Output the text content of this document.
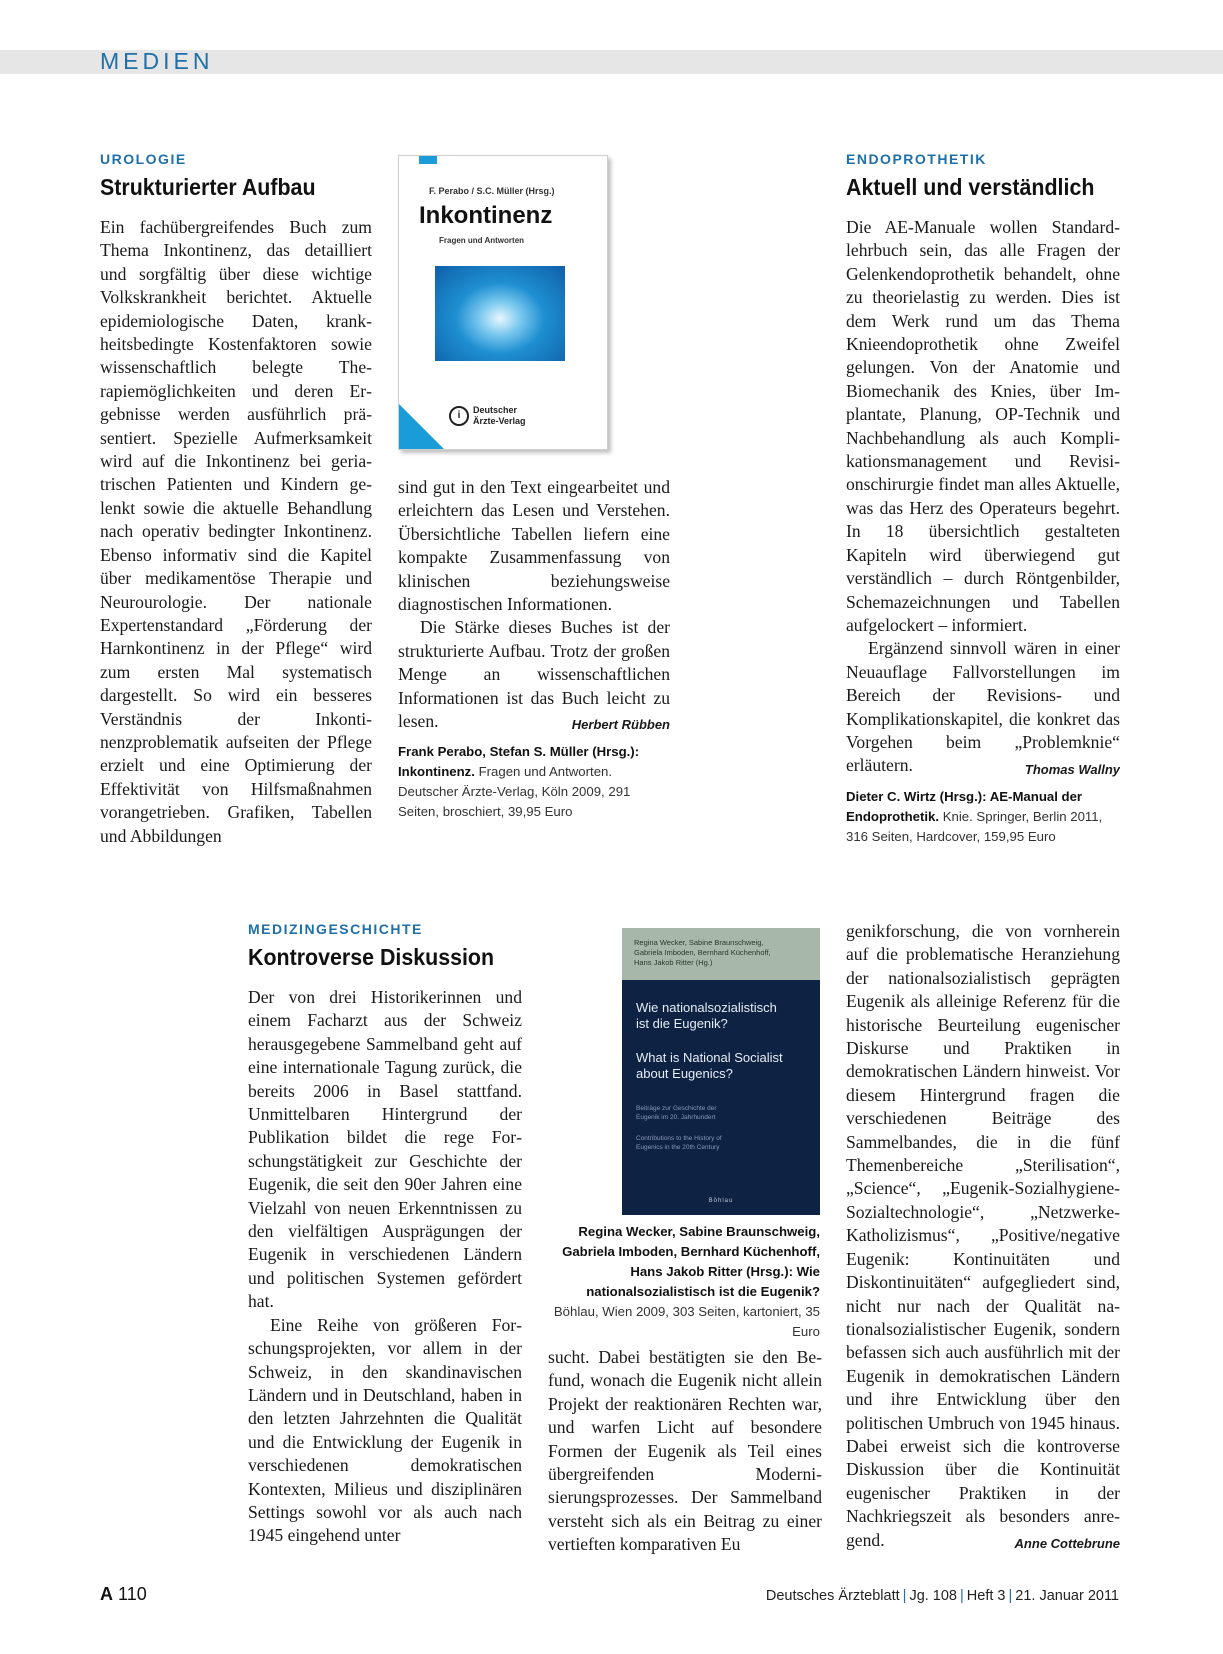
MEDIEN
UROLOGIE
Strukturierter Aufbau
Ein fachübergreifendes Buch zum Thema Inkontinenz, das detailliert und sorgfältig über diese wichtige Volkskrankheit berichtet. Aktuelle epidemiologische Daten, krankheitsbedingte Kostenfaktoren sowie wissenschaftlich belegte Therapiemöglichkeiten und deren Ergebnisse werden ausführlich präsentiert. Spezielle Aufmerksamkeit wird auf die Inkontinenz bei geriatrischen Patienten und Kindern gelenkt sowie die aktuelle Behandlung nach operativ bedingter Inkontinenz. Ebenso informativ sind die Kapitel über medikamentöse Therapie und Neurourologie. Der nationale Expertenstandard „Förderung der Harnkontinenz in der Pflege“ wird zum ersten Mal systematisch dargestellt. So wird ein besseres Verständnis der Inkontinenzproblematik aufseiten der Pflege erzielt und eine Optimierung der Effektivität von Hilfsmaßnahmen vorangetrieben. Grafiken, Tabellen und Abbildungen
F. Perabo / S.C. Müller (Hrsg.)
Inkontinenz
Fragen und Antworten
i	Deutscher
Ärzte-Verlag

sind gut in den Text eingearbeitet und erleichtern das Lesen und Verstehen. Übersichtliche Tabellen liefern eine kompakte Zusammenfassung von klinischen beziehungsweise diagnostischen Informationen.

Die Stärke dieses Buches ist der strukturierte Aufbau. Trotz der großen Menge an wissenschaftlichen Informationen ist das Buch leicht zu lesen.	Herbert Rübben
Frank Perabo, Stefan S. Müller (Hrsg.): Inkontinenz. Fragen und Antworten. Deutscher Ärzte-Verlag, Köln 2009, 291 Seiten, broschiert, 39,95 Euro
ENDOPROTHETIK
Aktuell und verständlich

Die AE-Manuale wollen Standardlehrbuch sein, das alle Fragen der Gelenkendoprothetik behandelt, ohne zu theorielastig zu werden. Dies ist dem Werk rund um das Thema Knieendoprothetik ohne Zweifel gelungen. Von der Anatomie und Biomechanik des Knies, über Implantate, Planung, OP-Technik und Nachbehandlung als auch Komplikationsmanagement und Revisionschirurgie findet man alles Aktuelle, was das Herz des Operateurs begehrt. In 18 übersichtlich gestalteten Kapiteln wird überwiegend gut verständlich – durch Röntgenbilder, Schemazeichnungen und Tabellen aufgelockert – informiert.

Ergänzend sinnvoll wären in einer Neuauflage Fallvorstellungen im Bereich der Revisions- und Komplikationskapitel, die konkret das Vorgehen beim „Problemknie“ erläutern.	Thomas Wallny
Dieter C. Wirtz (Hrsg.): AE-Manual der Endoprothetik. Knie. Springer, Berlin 2011, 316 Seiten, Hardcover, 159,95 Euro
MEDIZINGESCHICHTE
Kontroverse Diskussion

Der von drei Historikerinnen und einem Facharzt aus der Schweiz herausgegebene Sammelband geht auf eine internationale Tagung zurück, die bereits 2006 in Basel stattfand. Unmittelbaren Hintergrund der Publikation bildet die rege Forschungstätigkeit zur Geschichte der Eugenik, die seit den 90er Jahren eine Vielzahl von neuen Erkenntnissen zu den vielfältigen Ausprägungen der Eugenik in verschiedenen Ländern und politischen Systemen gefördert hat.

Eine Reihe von größeren Forschungsprojekten, vor allem in der Schweiz, in den skandinavischen Ländern und in Deutschland, haben in den letzten Jahrzehnten die Qualität und die Entwicklung der Eugenik in verschiedenen demokratischen Kontexten, Milieus und disziplinären Settings sowohl vor als auch nach 1945 eingehend unter

Regina Wecker, Sabine Braunschweig,
Gabriela Imboden, Bernhard Küchenhoff,
Hans Jakob Ritter (Hg.)
Wie nationalsozialistisch
ist die Eugenik?
What is National Socialist
about Eugenics?
Beiträge zur Geschichte der
Eugenik im 20. Jahrhundert
Contributions to the History of
Eugenics in the 20th Century
Böhlau
Regina Wecker, Sabine Braunschweig, Gabriela Imboden, Bernhard Küchenhoff, Hans Jakob Ritter (Hrsg.): Wie nationalsozialistisch ist die Eugenik? Böhlau, Wien 2009, 303 Seiten, kartoniert, 35 Euro
sucht. Dabei bestätigten sie den Befund, wonach die Eugenik nicht allein Projekt der reaktionären Rechten war, und warfen Licht auf besondere Formen der Eugenik als Teil eines übergreifenden Modernisierungsprozesses. Der Sammelband versteht sich als ein Beitrag zu einer vertieften komparativen Eu
genikforschung, die von vornherein auf die problematische Heranziehung der nationalsozialistisch geprägten Eugenik als alleinige Referenz für die historische Beurteilung eugenischer Diskurse und Praktiken in demokratischen Ländern hinweist. Vor diesem Hintergrund fragen die verschiedenen Beiträge des Sammelbandes, die in die fünf Themenbereiche „Sterilisation“, „Science“, „Eugenik-Sozialhygiene-Sozialtechnologie“, „Netzwerke-Katholizismus“, „Positive/negative Eugenik: Kontinuitäten und Diskontinuitäten“ aufgegliedert sind, nicht nur nach der Qualität nationalsozialistischer Eugenik, sondern befassen sich auch ausführlich mit der Eugenik in demokratischen Ländern und ihre Entwicklung über den politischen Umbruch von 1945 hinaus. Dabei erweist sich die kontroverse Diskussion über die Kontinuität eugenischer Praktiken in der Nachkriegszeit als besonders anregend.	Anne Cottebrune
A 110	Deutsches Ärzteblatt | Jg. 108 | Heft 3 | 21. Januar 2011
